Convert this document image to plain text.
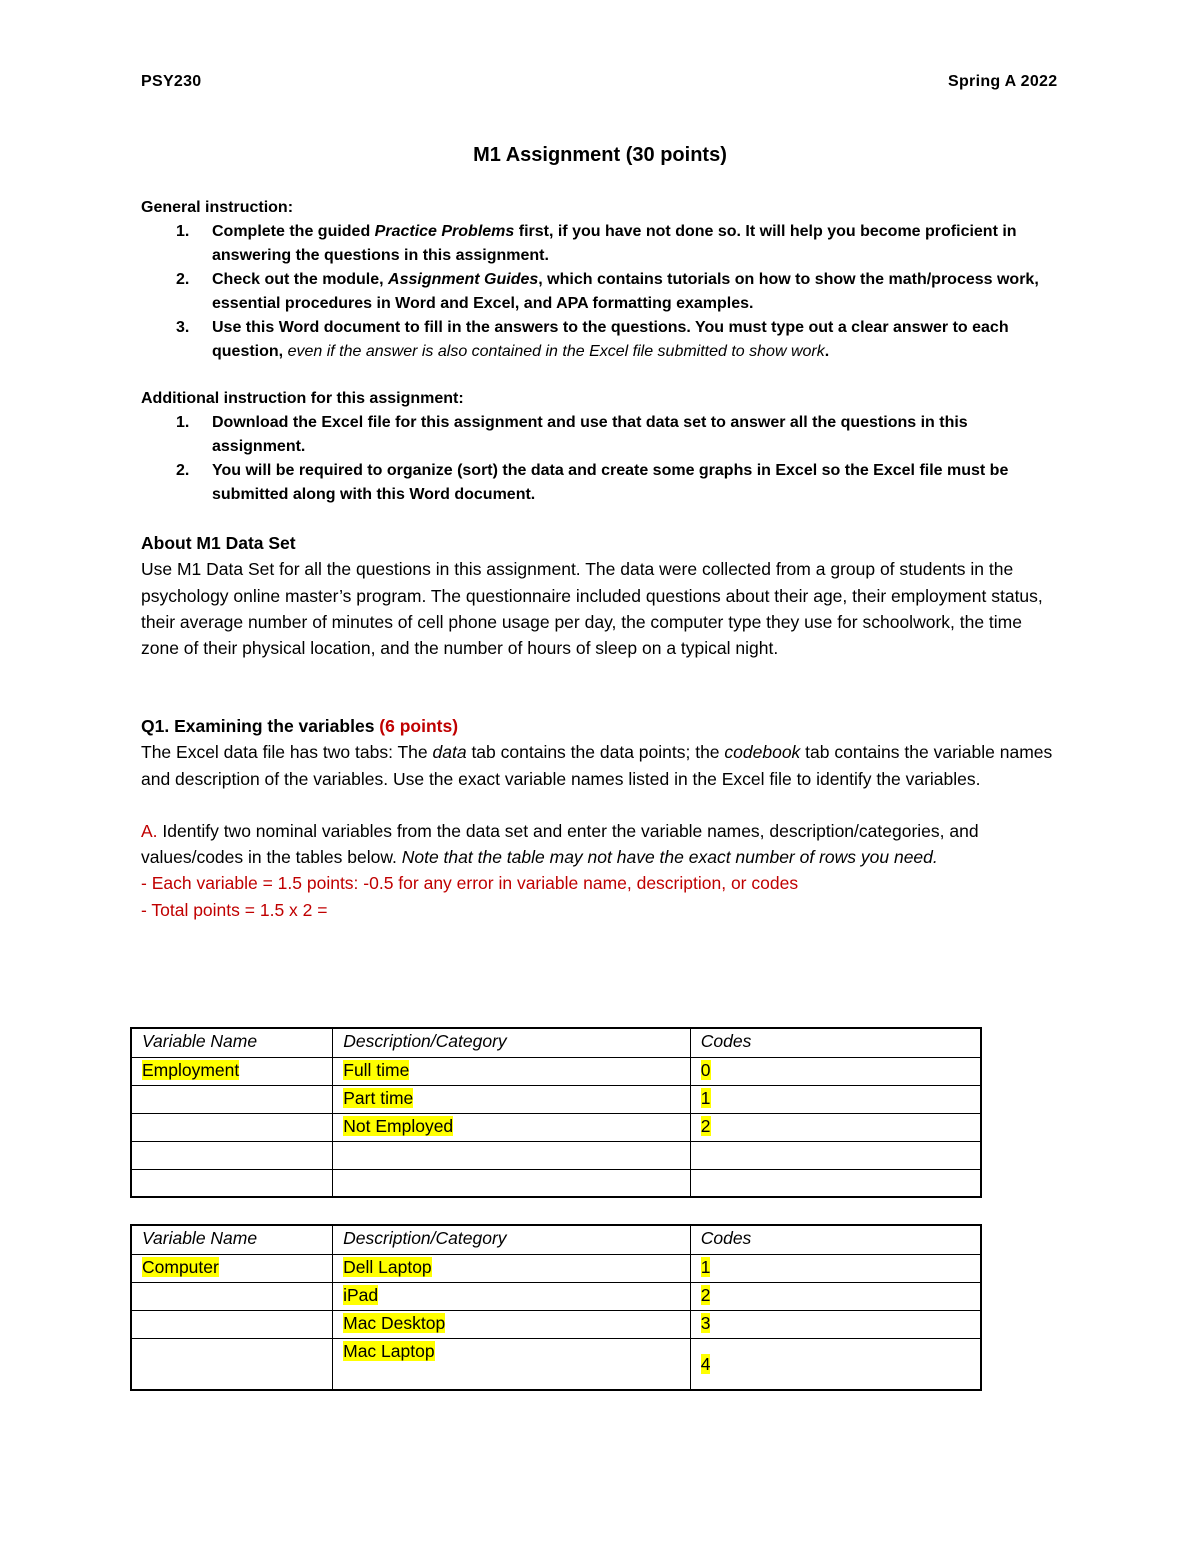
PSY230	Spring A 2022
M1 Assignment (30 points)
General instruction:
1. Complete the guided Practice Problems first, if you have not done so. It will help you become proficient in answering the questions in this assignment.
2. Check out the module, Assignment Guides, which contains tutorials on how to show the math/process work, essential procedures in Word and Excel, and APA formatting examples.
3. Use this Word document to fill in the answers to the questions. You must type out a clear answer to each question, even if the answer is also contained in the Excel file submitted to show work.
Additional instruction for this assignment:
1. Download the Excel file for this assignment and use that data set to answer all the questions in this assignment.
2. You will be required to organize (sort) the data and create some graphs in Excel so the Excel file must be submitted along with this Word document.
About M1 Data Set
Use M1 Data Set for all the questions in this assignment. The data were collected from a group of students in the psychology online master’s program. The questionnaire included questions about their age, their employment status, their average number of minutes of cell phone usage per day, the computer type they use for schoolwork, the time zone of their physical location, and the number of hours of sleep on a typical night.
Q1. Examining the variables (6 points)
The Excel data file has two tabs: The data tab contains the data points; the codebook tab contains the variable names and description of the variables. Use the exact variable names listed in the Excel file to identify the variables.
A. Identify two nominal variables from the data set and enter the variable names, description/categories, and values/codes in the tables below. Note that the table may not have the exact number of rows you need.
- Each variable = 1.5 points: -0.5 for any error in variable name, description, or codes
- Total points = 1.5 x 2 =
Variable Name	Description/Category	Codes
Employment	Full time	0
	Part time	1
	Not Employed	2

Variable Name	Description/Category	Codes
Computer	Dell Laptop	1
	iPad	2
	Mac Desktop	3
	Mac Laptop	4
